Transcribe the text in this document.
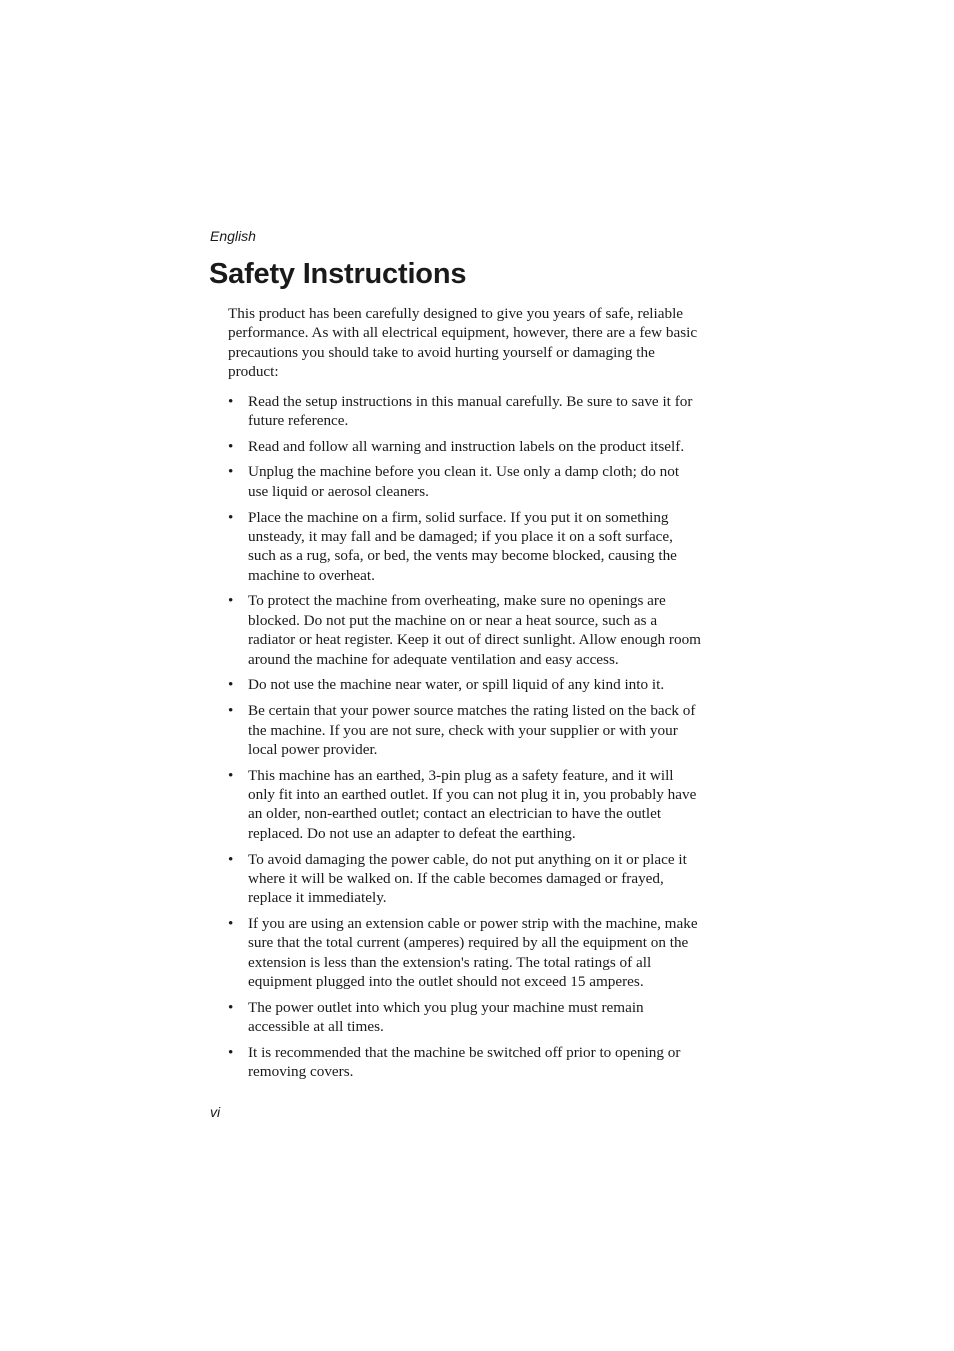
English
Safety Instructions

This product has been carefully designed to give you years of safe, reliable performance. As with all electrical equipment, however, there are a few basic precautions you should take to avoid hurting yourself or damaging the product:

• Read the setup instructions in this manual carefully. Be sure to save it for future reference.
• Read and follow all warning and instruction labels on the product itself.
• Unplug the machine before you clean it. Use only a damp cloth; do not use liquid or aerosol cleaners.
• Place the machine on a firm, solid surface. If you put it on something unsteady, it may fall and be damaged; if you place it on a soft surface, such as a rug, sofa, or bed, the vents may become blocked, causing the machine to overheat.
• To protect the machine from overheating, make sure no openings are blocked. Do not put the machine on or near a heat source, such as a radiator or heat register. Keep it out of direct sunlight. Allow enough room around the machine for adequate ventilation and easy access.
• Do not use the machine near water, or spill liquid of any kind into it.
• Be certain that your power source matches the rating listed on the back of the machine. If you are not sure, check with your supplier or with your local power provider.
• This machine has an earthed, 3-pin plug as a safety feature, and it will only fit into an earthed outlet. If you can not plug it in, you probably have an older, non-earthed outlet; contact an electrician to have the outlet replaced. Do not use an adapter to defeat the earthing.
• To avoid damaging the power cable, do not put anything on it or place it where it will be walked on. If the cable becomes damaged or frayed, replace it immediately.
• If you are using an extension cable or power strip with the machine, make sure that the total current (amperes) required by all the equipment on the extension is less than the extension's rating. The total ratings of all equipment plugged into the outlet should not exceed 15 amperes.
• The power outlet into which you plug your machine must remain accessible at all times.
• It is recommended that the machine be switched off prior to opening or removing covers.
vi
